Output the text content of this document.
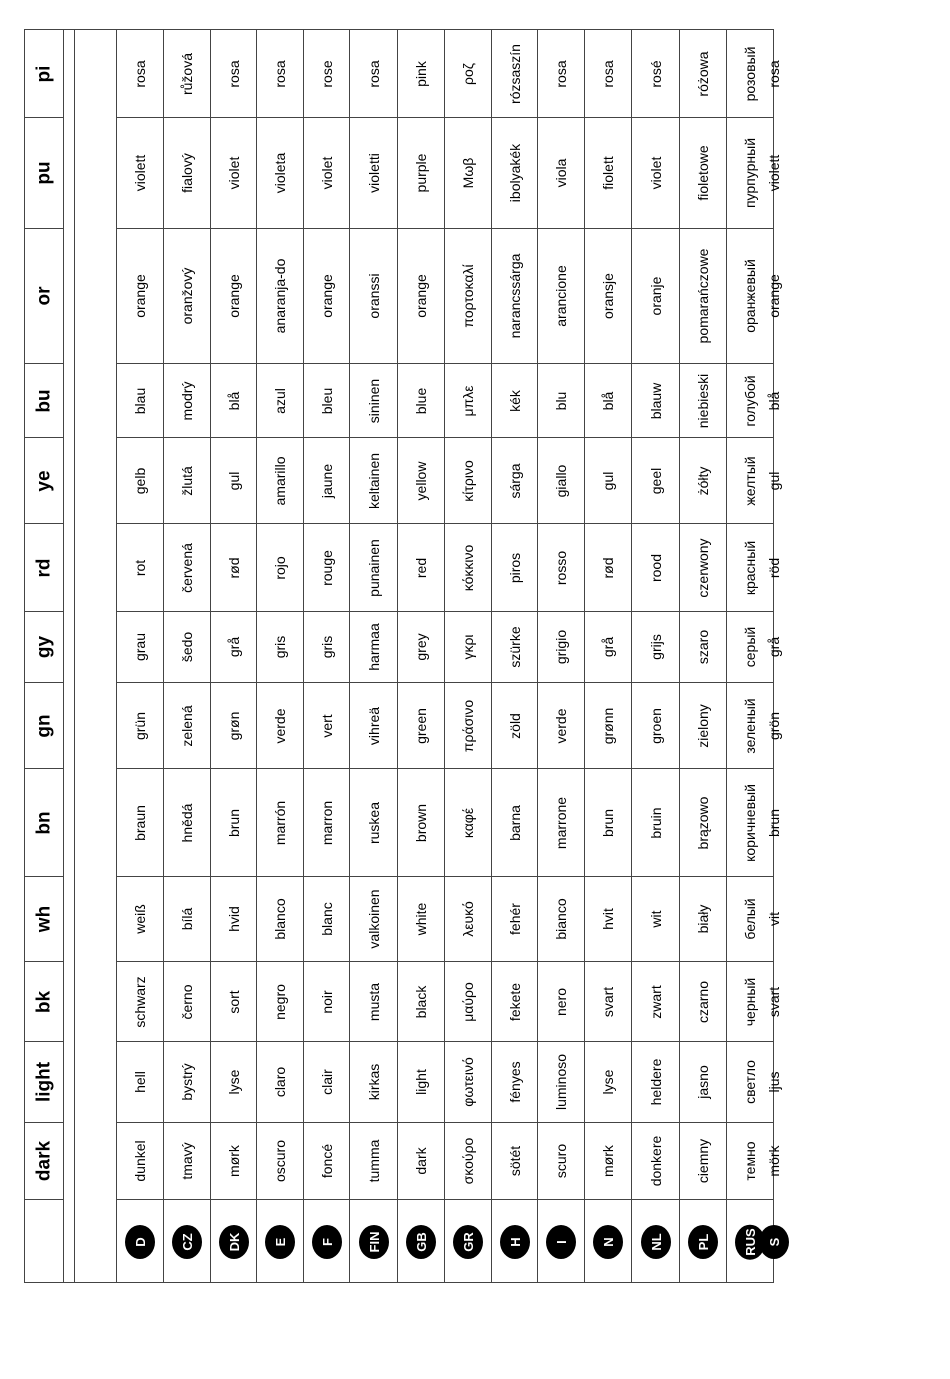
pi
pu
or
bu
ye
rd
gy
gn
bn
wh
bk
light
dark
rosa
violett
orange
blau
gelb
rot
grau
grün
braun
weiß
schwarz
hell
dunkel
D
růžová
fialový
oranžový
modrý
žlutá
červená
šedo
zelená
hnědá
bílá
černo
bystrý
tmavý
CZ
rosa
violet
orange
blå
gul
rød
grå
grøn
brun
hvid
sort
lyse
mørk
DK
rosa
violeta
anaranja-do
azul
amarillo
rojo
gris
verde
marrón
blanco
negro
claro
oscuro
E
rose
violet
orange
bleu
jaune
rouge
gris
vert
marron
blanc
noir
clair
foncé
F
rosa
violetti
oranssi
sininen
keltainen
punainen
harmaa
vihreä
ruskea
valkoinen
musta
kirkas
tumma
FIN
pink
purple
orange
blue
yellow
red
grey
green
brown
white
black
light
dark
GB
ροζ
Μωβ
πορτοκαλί
μπλε
κίτρινο
κόκκινο
γκρι
πράσινο
καφέ
λευκό
μαύρο
φωτεινό
σκούρο
GR
rózsaszín
ibolyakék
narancssárga
kék
sárga
piros
szürke
zöld
barna
fehér
fekete
fényes
sötét
H
rosa
viola
arancione
blu
giallo
rosso
grigio
verde
marrone
bianco
nero
luminoso
scuro
I
rosa
fiolett
oransje
blå
gul
rød
grå
grønn
brun
hvit
svart
lyse
mørk
N
rosé
violet
oranje
blauw
geel
rood
grijs
groen
bruin
wit
zwart
heldere
donkere
NL
różowa
fioletowe
pomarańczowe
niebieski
żółty
czerwony
szaro
zielony
brązowo
biały
czarno
jasno
ciemny
PL
розовый
пурпурный
оранжевый
голубой
желтый
красный
серый
зеленый
коричневый
белый
черный
светло
темно
RUS
rosa
violett
orange
blå
gul
röd
grå
grön
brun
vit
svart
ljus
mörk
S
